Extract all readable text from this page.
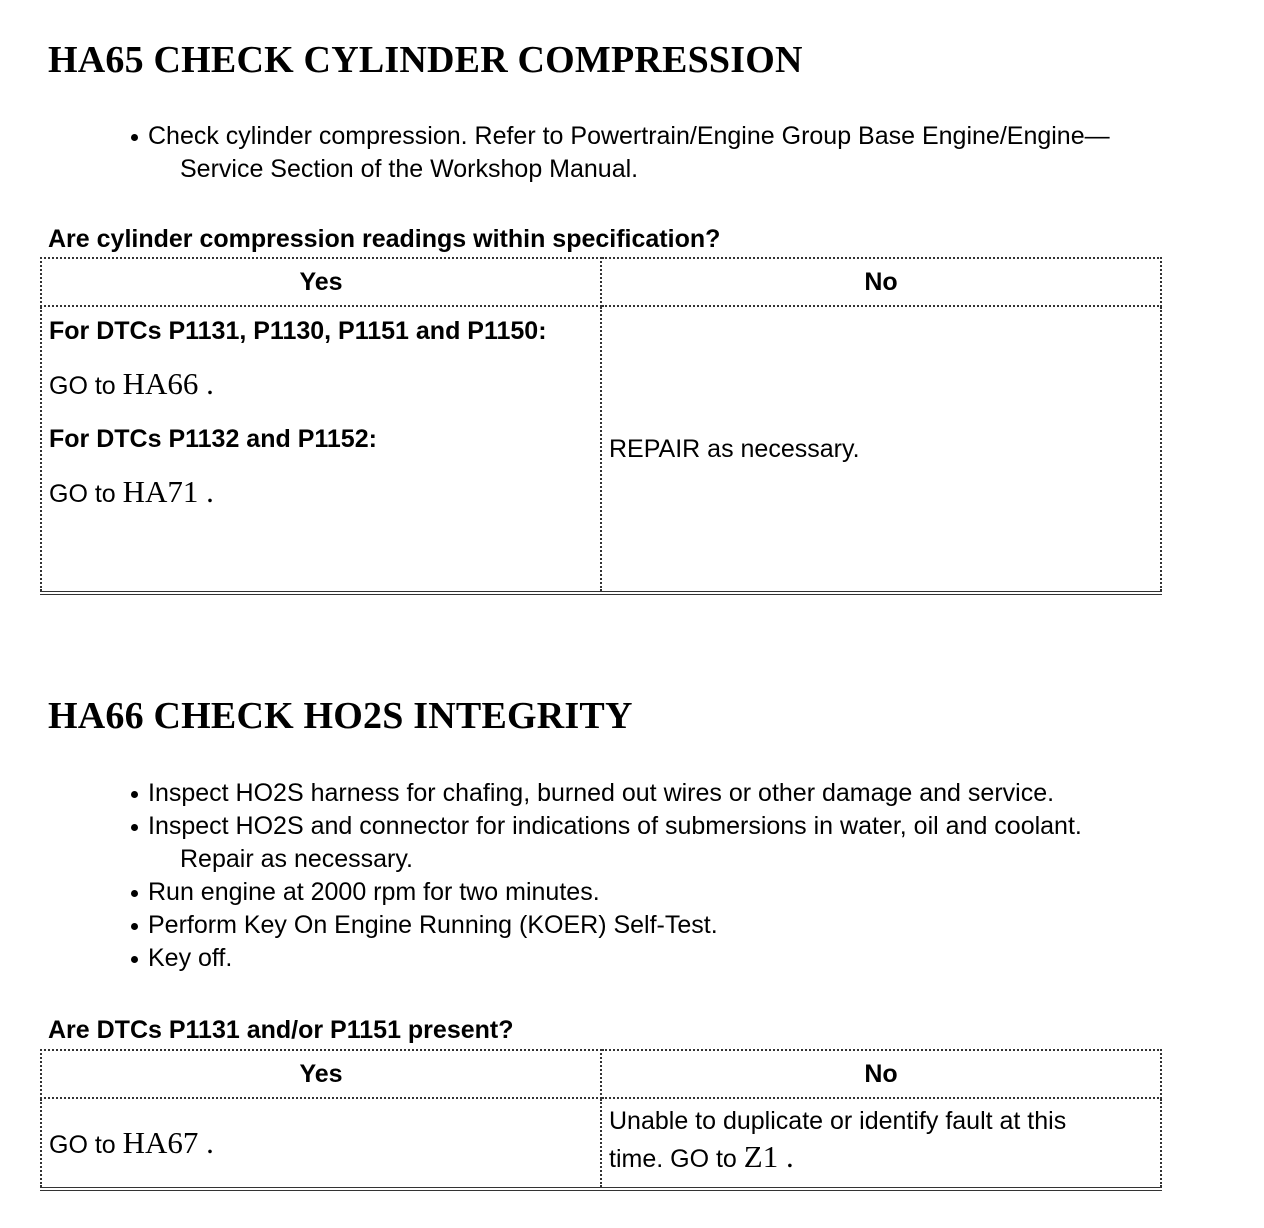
HA65 CHECK CYLINDER COMPRESSION
Check cylinder compression. Refer to Powertrain/Engine Group Base Engine/Engine—
Service Section of the Workshop Manual.

Are cylinder compression readings within specification?

Yes	No

For DTCs P1131, P1130, P1151 and P1150:
GO to HA66 .
For DTCs P1132 and P1152:
GO to HA71 .	REPAIR as necessary.
HA66 CHECK HO2S INTEGRITY
Inspect HO2S harness for chafing, burned out wires or other damage and service.
Inspect HO2S and connector for indications of submersions in water, oil and coolant.
Repair as necessary.
Run engine at 2000 rpm for two minutes.
Perform Key On Engine Running (KOER) Self-Test.
Key off.

Are DTCs P1131 and/or P1151 present?

Yes	No
GO to HA67 .	Unable to duplicate or identify fault at this
time. GO to Z1 .
